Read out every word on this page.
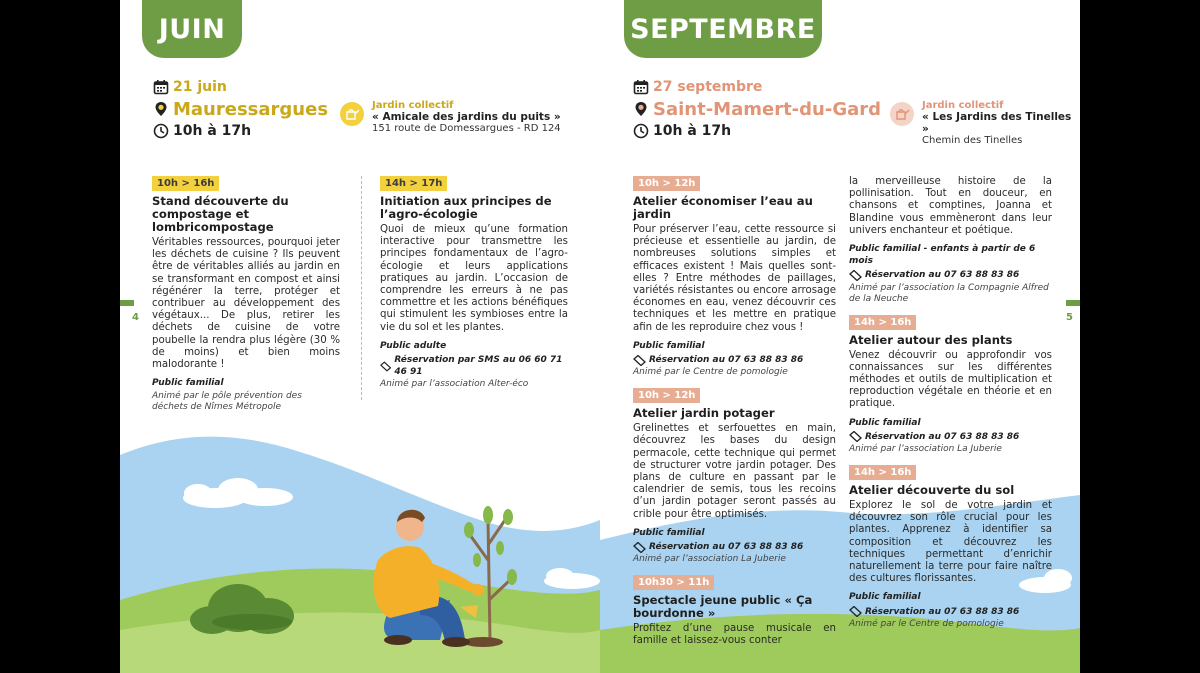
JUIN
21 juin
Mauressargues
10h à 17h
Jardin collectif
« Amicale des jardins du puits »
151 route de Domessargues - RD 124
10h > 16h
Stand découverte du compostage et lombricompostage

Véritables ressources, pourquoi jeter les déchets de cuisine ? Ils peuvent être de véritables alliés au jardin en se transformant en compost et ainsi régénérer la terre, protéger et contribuer au développement des végétaux... De plus, retirer les déchets de cuisine de votre poubelle la rendra plus légère (30 % de moins) et bien moins malodorante !

Public familial
Animé par le pôle prévention des déchets de Nîmes Métropole
14h > 17h
Initiation aux principes de l’agro-écologie

Quoi de mieux qu’une formation interactive pour transmettre les principes fondamentaux de l’agro-écologie et leurs applications pratiques au jardin. L’occasion de comprendre les erreurs à ne pas commettre et les actions bénéfiques qui stimulent les symbioses entre la vie du sol et les plantes.

Public adulte
Réservation par SMS au 06 60 71 46 91
Animé par l’association Alter-éco
4
SEPTEMBRE
27 septembre
Saint-Mamert-du-Gard
10h à 17h
Jardin collectif
« Les Jardins des Tinelles »
Chemin des Tinelles
10h > 12h
Atelier économiser l’eau au jardin

Pour préserver l’eau, cette ressource si précieuse et essentielle au jardin, de nombreuses solutions simples et efficaces existent ! Mais quelles sont-elles ? Entre méthodes de paillages, variétés résistantes ou encore arrosage économes en eau, venez découvrir ces techniques et les mettre en pratique afin de les reproduire chez vous !

Public familial
Réservation au 07 63 88 83 86
Animé par le Centre de pomologie
10h > 12h
Atelier jardin potager

Grelinettes et serfouettes en main, découvrez les bases du design permacole, cette technique qui permet de structurer votre jardin potager. Des plans de culture en passant par le calendrier de semis, tous les recoins d’un jardin potager seront passés au crible pour être optimisés.

Public familial
Réservation au 07 63 88 83 86
Animé par l’association La Juberie
10h30 > 11h
Spectacle jeune public « Ça bourdonne »

Profitez d’une pause musicale en famille et laissez-vous conter

la merveilleuse histoire de la pollinisation. Tout en douceur, en chansons et comptines, Joanna et Blandine vous emmèneront dans leur univers enchanteur et poétique.

Public familial - enfants à partir de 6 mois
Réservation au 07 63 88 83 86
Animé par l’association la Compagnie Alfred de la Neuche
14h > 16h
Atelier autour des plants

Venez découvrir ou approfondir vos connaissances sur les différentes méthodes et outils de multiplication et reproduction végétale en théorie et en pratique.

Public familial
Réservation au 07 63 88 83 86
Animé par l’association La Juberie
14h > 16h
Atelier découverte du sol

Explorez le sol de votre jardin et découvrez son rôle crucial pour les plantes. Apprenez à identifier sa composition et découvrez les techniques permettant d’enrichir naturellement la terre pour faire naître des cultures florissantes.

Public familial
Réservation au 07 63 88 83 86
Animé par le Centre de pomologie
5
